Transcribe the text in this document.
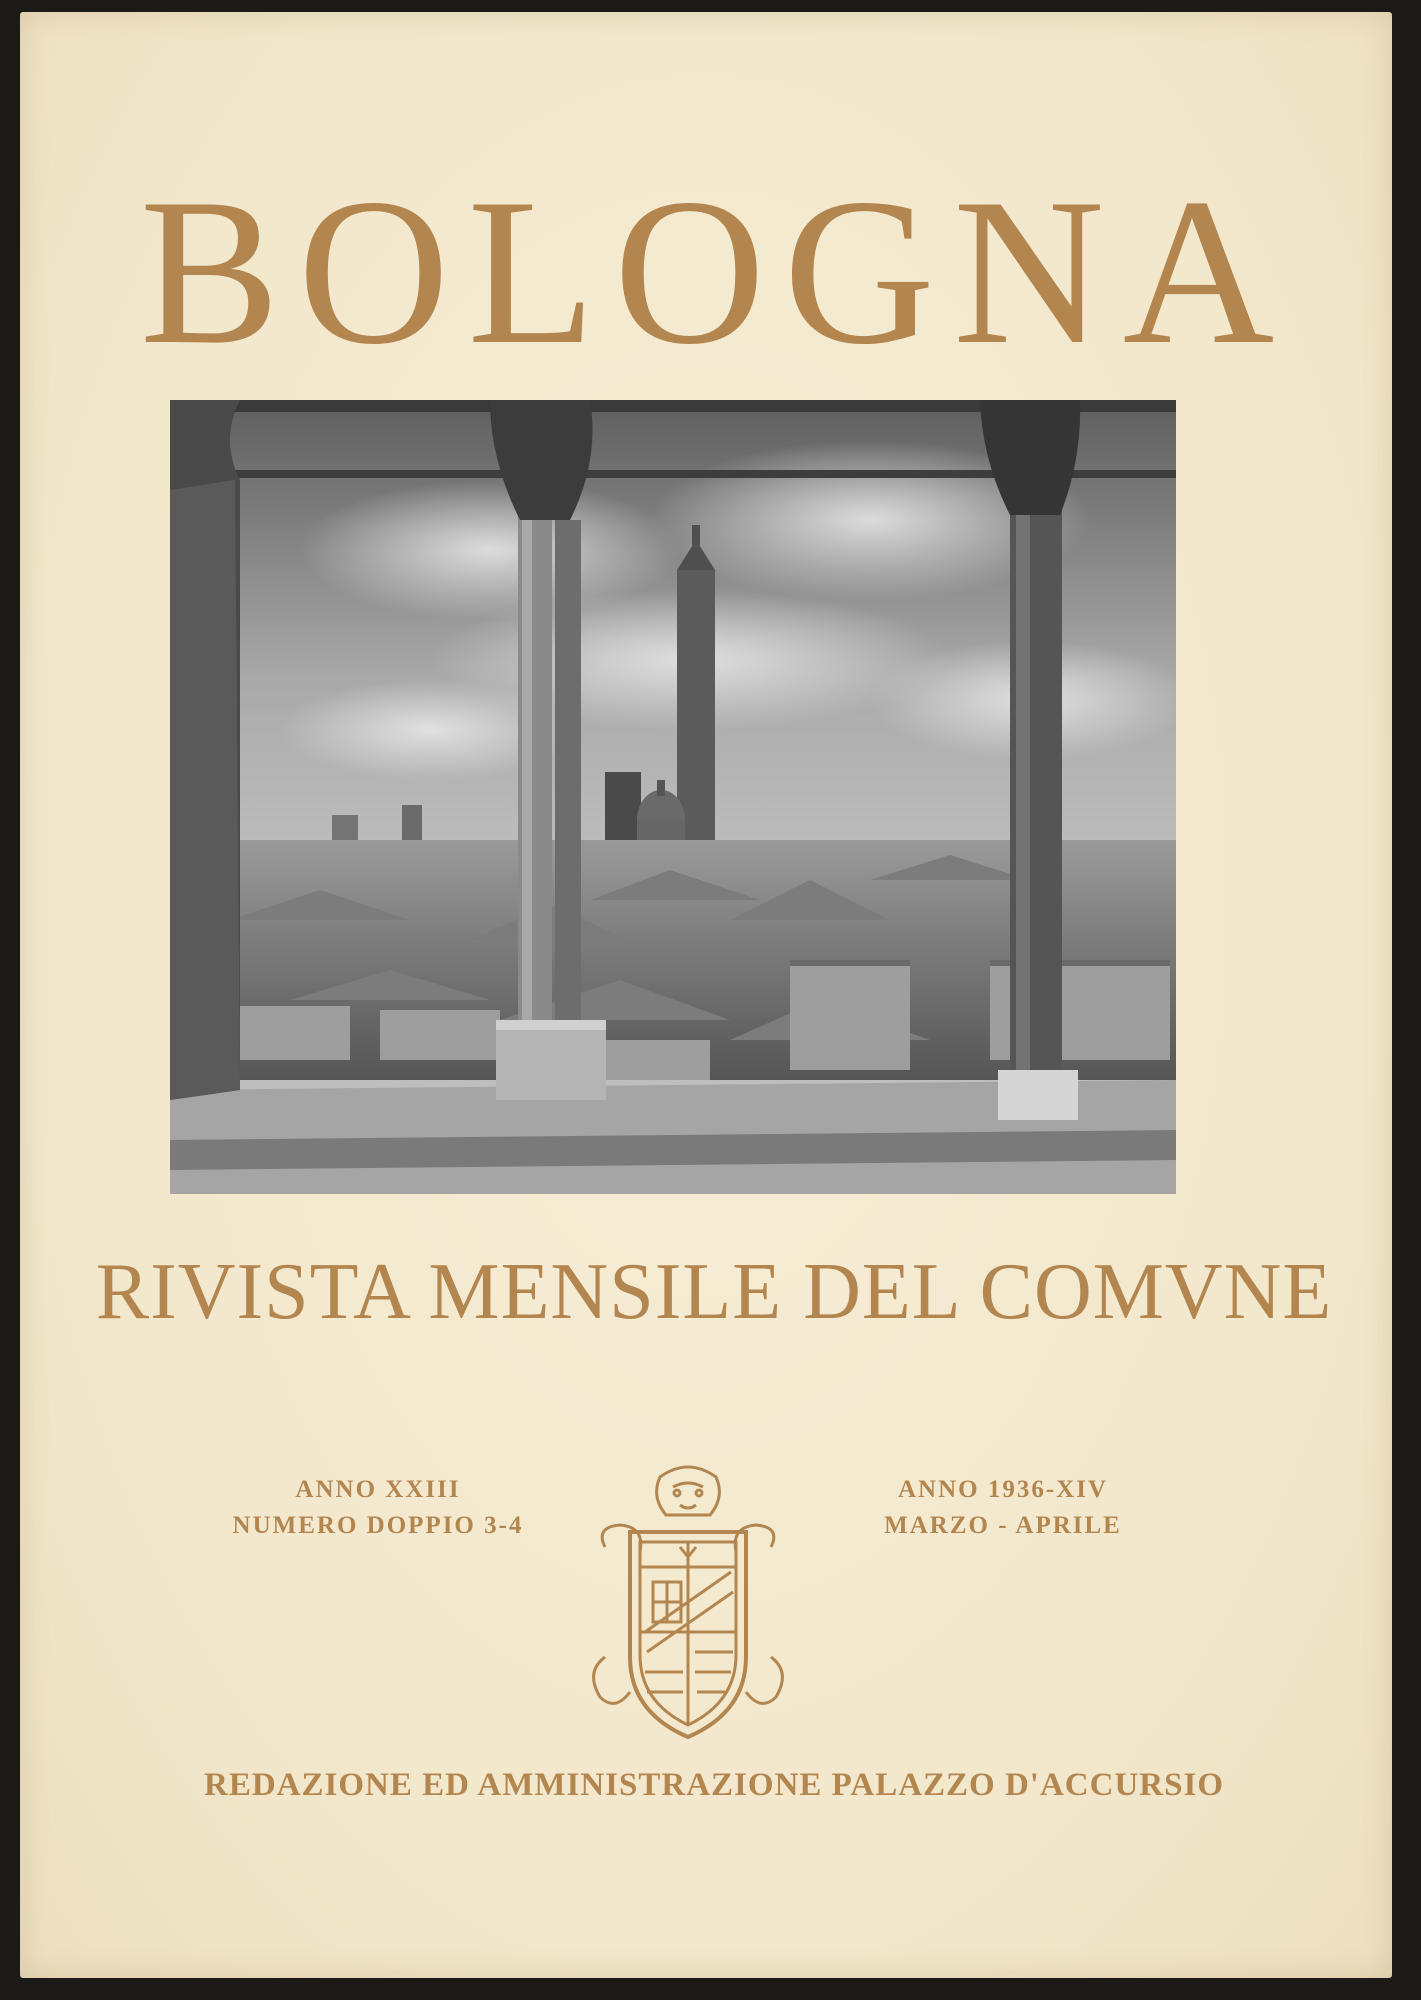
BOLOGNA
RIVISTA MENSILE DEL COMVNE
ANNO XXIII
NUMERO DOPPIO 3-4
ANNO 1936-XIV
MARZO - APRILE
REDAZIONE ED AMMINISTRAZIONE PALAZZO D'ACCURSIO
